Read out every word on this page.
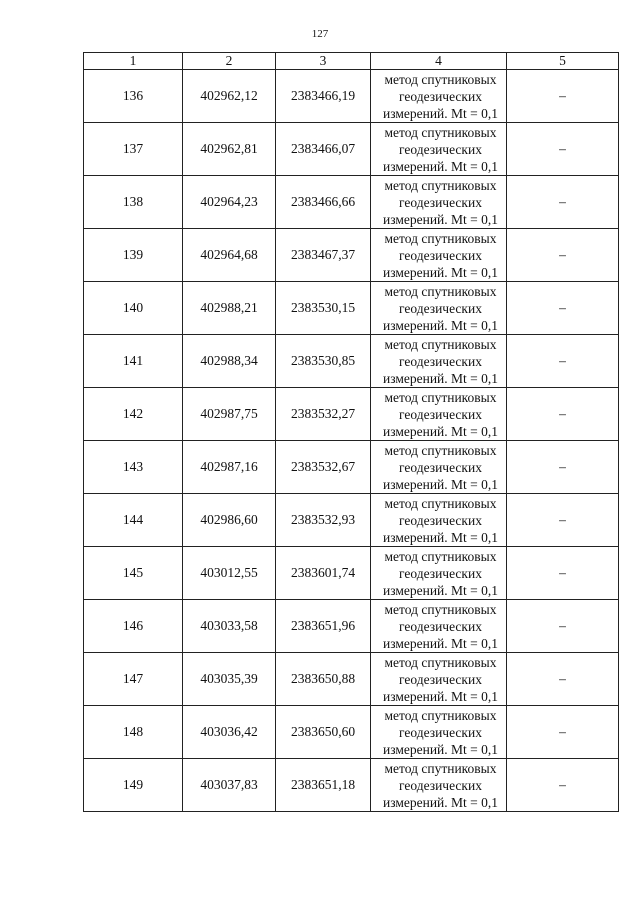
127
1	2	3	4	5
136	402962,12	2383466,19	метод спутниковых
геодезических
измерений. Mt = 0,1	–
137	402962,81	2383466,07	метод спутниковых
геодезических
измерений. Mt = 0,1	–
138	402964,23	2383466,66	метод спутниковых
геодезических
измерений. Mt = 0,1	–
139	402964,68	2383467,37	метод спутниковых
геодезических
измерений. Mt = 0,1	–
140	402988,21	2383530,15	метод спутниковых
геодезических
измерений. Mt = 0,1	–
141	402988,34	2383530,85	метод спутниковых
геодезических
измерений. Mt = 0,1	–
142	402987,75	2383532,27	метод спутниковых
геодезических
измерений. Mt = 0,1	–
143	402987,16	2383532,67	метод спутниковых
геодезических
измерений. Mt = 0,1	–
144	402986,60	2383532,93	метод спутниковых
геодезических
измерений. Mt = 0,1	–
145	403012,55	2383601,74	метод спутниковых
геодезических
измерений. Mt = 0,1	–
146	403033,58	2383651,96	метод спутниковых
геодезических
измерений. Mt = 0,1	–
147	403035,39	2383650,88	метод спутниковых
геодезических
измерений. Mt = 0,1	–
148	403036,42	2383650,60	метод спутниковых
геодезических
измерений. Mt = 0,1	–
149	403037,83	2383651,18	метод спутниковых
геодезических
измерений. Mt = 0,1	–
